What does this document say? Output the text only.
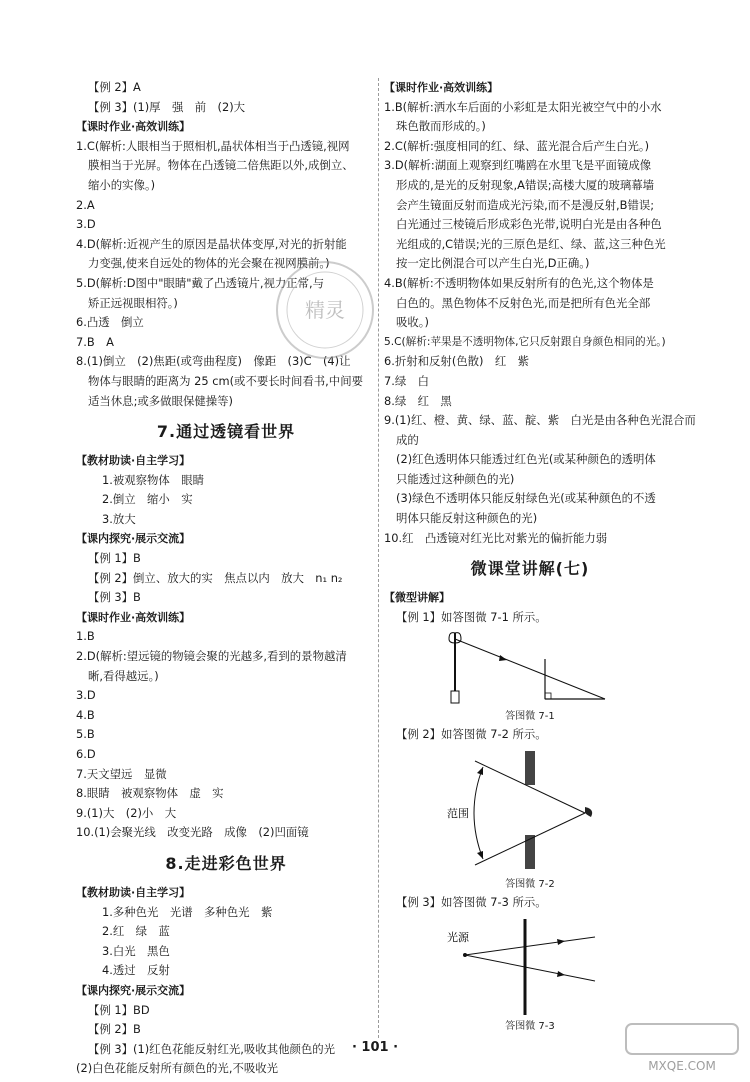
【例 2】A
【例 3】(1)厚　强　前　(2)大
【课时作业·高效训练】
1.C(解析:人眼相当于照相机,晶状体相当于凸透镜,视网
膜相当于光屏。物体在凸透镜二倍焦距以外,成倒立、
缩小的实像。)
2.A
3.D
4.D(解析:近视产生的原因是晶状体变厚,对光的折射能
力变强,使来自远处的物体的光会聚在视网膜前。)
5.D(解析:D图中"眼睛"戴了凸透镜片,视力正常,与
矫正远视眼相符。)
6.凸透　倒立
7.B　A
8.(1)倒立　(2)焦距(或弯曲程度)　像距　(3)C　(4)让
物体与眼睛的距离为 25 cm(或不要长时间看书,中间要
适当休息;或多做眼保健操等)
7.通过透镜看世界
【教材助读·自主学习】
1.被观察物体　眼睛
2.倒立　缩小　实
3.放大
【课内探究·展示交流】
【例 1】B
【例 2】倒立、放大的实　焦点以内　放大　n₁ n₂
【例 3】B
【课时作业·高效训练】
1.B
2.D(解析:望远镜的物镜会聚的光越多,看到的景物越清
晰,看得越远。)
3.D
4.B
5.B
6.D
7.天文望远　显微
8.眼睛　被观察物体　虚　实
9.(1)大　(2)小　大
10.(1)会聚光线　改变光路　成像　(2)凹面镜
8.走进彩色世界
【教材助读·自主学习】
1.多种色光　光谱　多种色光　紫
2.红　绿　蓝
3.白光　黑色
4.透过　反射
【课内探究·展示交流】
【例 1】BD
【例 2】B
【例 3】(1)红色花能反射红光,吸收其他颜色的光
(2)白色花能反射所有颜色的光,不吸收光
【课时作业·高效训练】
1.B(解析:洒水车后面的小彩虹是太阳光被空气中的小水
珠色散而形成的。)
2.C(解析:强度相同的红、绿、蓝光混合后产生白光。)
3.D(解析:湖面上观察到红嘴鸥在水里飞是平面镜成像
形成的,是光的反射现象,A错误;高楼大厦的玻璃幕墙
会产生镜面反射而造成光污染,而不是漫反射,B错误;
白光通过三棱镜后形成彩色光带,说明白光是由各种色
光组成的,C错误;光的三原色是红、绿、蓝,这三种色光
按一定比例混合可以产生白光,D正确。)
4.B(解析:不透明物体如果反射所有的色光,这个物体是
白色的。黑色物体不反射色光,而是把所有色光全部
吸收。)
5.C(解析:苹果是不透明物体,它只反射跟自身颜色相同的光。)
6.折射和反射(色散)　红　紫
7.绿　白
8.绿　红　黑
9.(1)红、橙、黄、绿、蓝、靛、紫　白光是由各种色光混合而
成的
(2)红色透明体只能透过红色光(或某种颜色的透明体
只能透过这种颜色的光)
(3)绿色不透明体只能反射绿色光(或某种颜色的不透
明体只能反射这种颜色的光)
10.红　凸透镜对红光比对紫光的偏折能力弱
微课堂讲解(七)
【微型讲解】
【例 1】如答图微 7-1 所示。
答图微 7-1
【例 2】如答图微 7-2 所示。
范围
答图微 7-2
【例 3】如答图微 7-3 所示。
光源
答图微 7-3
精灵
· 101 ·
MXQE.COM
